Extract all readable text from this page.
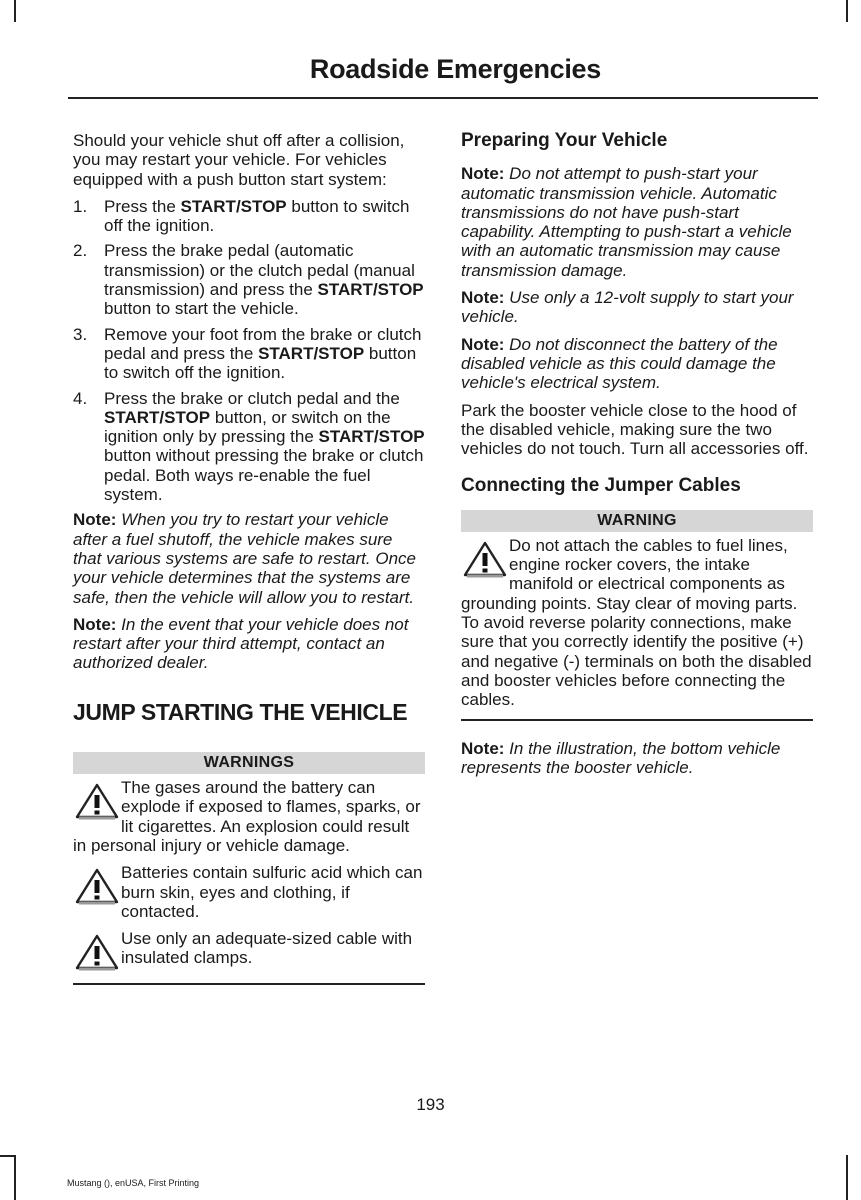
Roadside Emergencies

Should your vehicle shut off after a collision, you may restart your vehicle. For vehicles equipped with a push button start system:

1. Press the START/STOP button to switch off the ignition.
2. Press the brake pedal (automatic transmission) or the clutch pedal (manual transmission) and press the START/STOP button to start the vehicle.
3. Remove your foot from the brake or clutch pedal and press the START/STOP button to switch off the ignition.
4. Press the brake or clutch pedal and the START/STOP button, or switch on the ignition only by pressing the START/STOP button without pressing the brake or clutch pedal. Both ways re-enable the fuel system.

Note: When you try to restart your vehicle after a fuel shutoff, the vehicle makes sure that various systems are safe to restart. Once your vehicle determines that the systems are safe, then the vehicle will allow you to restart.

Note: In the event that your vehicle does not restart after your third attempt, contact an authorized dealer.

JUMP STARTING THE VEHICLE
WARNINGS
The gases around the battery can explode if exposed to flames, sparks, or lit cigarettes. An explosion could result in personal injury or vehicle damage.
Batteries contain sulfuric acid which can burn skin, eyes and clothing, if contacted.
Use only an adequate-sized cable with insulated clamps.
Preparing Your Vehicle

Note: Do not attempt to push-start your automatic transmission vehicle. Automatic transmissions do not have push-start capability. Attempting to push-start a vehicle with an automatic transmission may cause transmission damage.

Note: Use only a 12-volt supply to start your vehicle.

Note: Do not disconnect the battery of the disabled vehicle as this could damage the vehicle's electrical system.

Park the booster vehicle close to the hood of the disabled vehicle, making sure the two vehicles do not touch. Turn all accessories off.

Connecting the Jumper Cables
WARNING
Do not attach the cables to fuel lines, engine rocker covers, the intake manifold or electrical components as grounding points. Stay clear of moving parts. To avoid reverse polarity connections, make sure that you correctly identify the positive (+) and negative (-) terminals on both the disabled and booster vehicles before connecting the cables.

Note: In the illustration, the bottom vehicle represents the booster vehicle.

193
Mustang (), enUSA, First Printing
